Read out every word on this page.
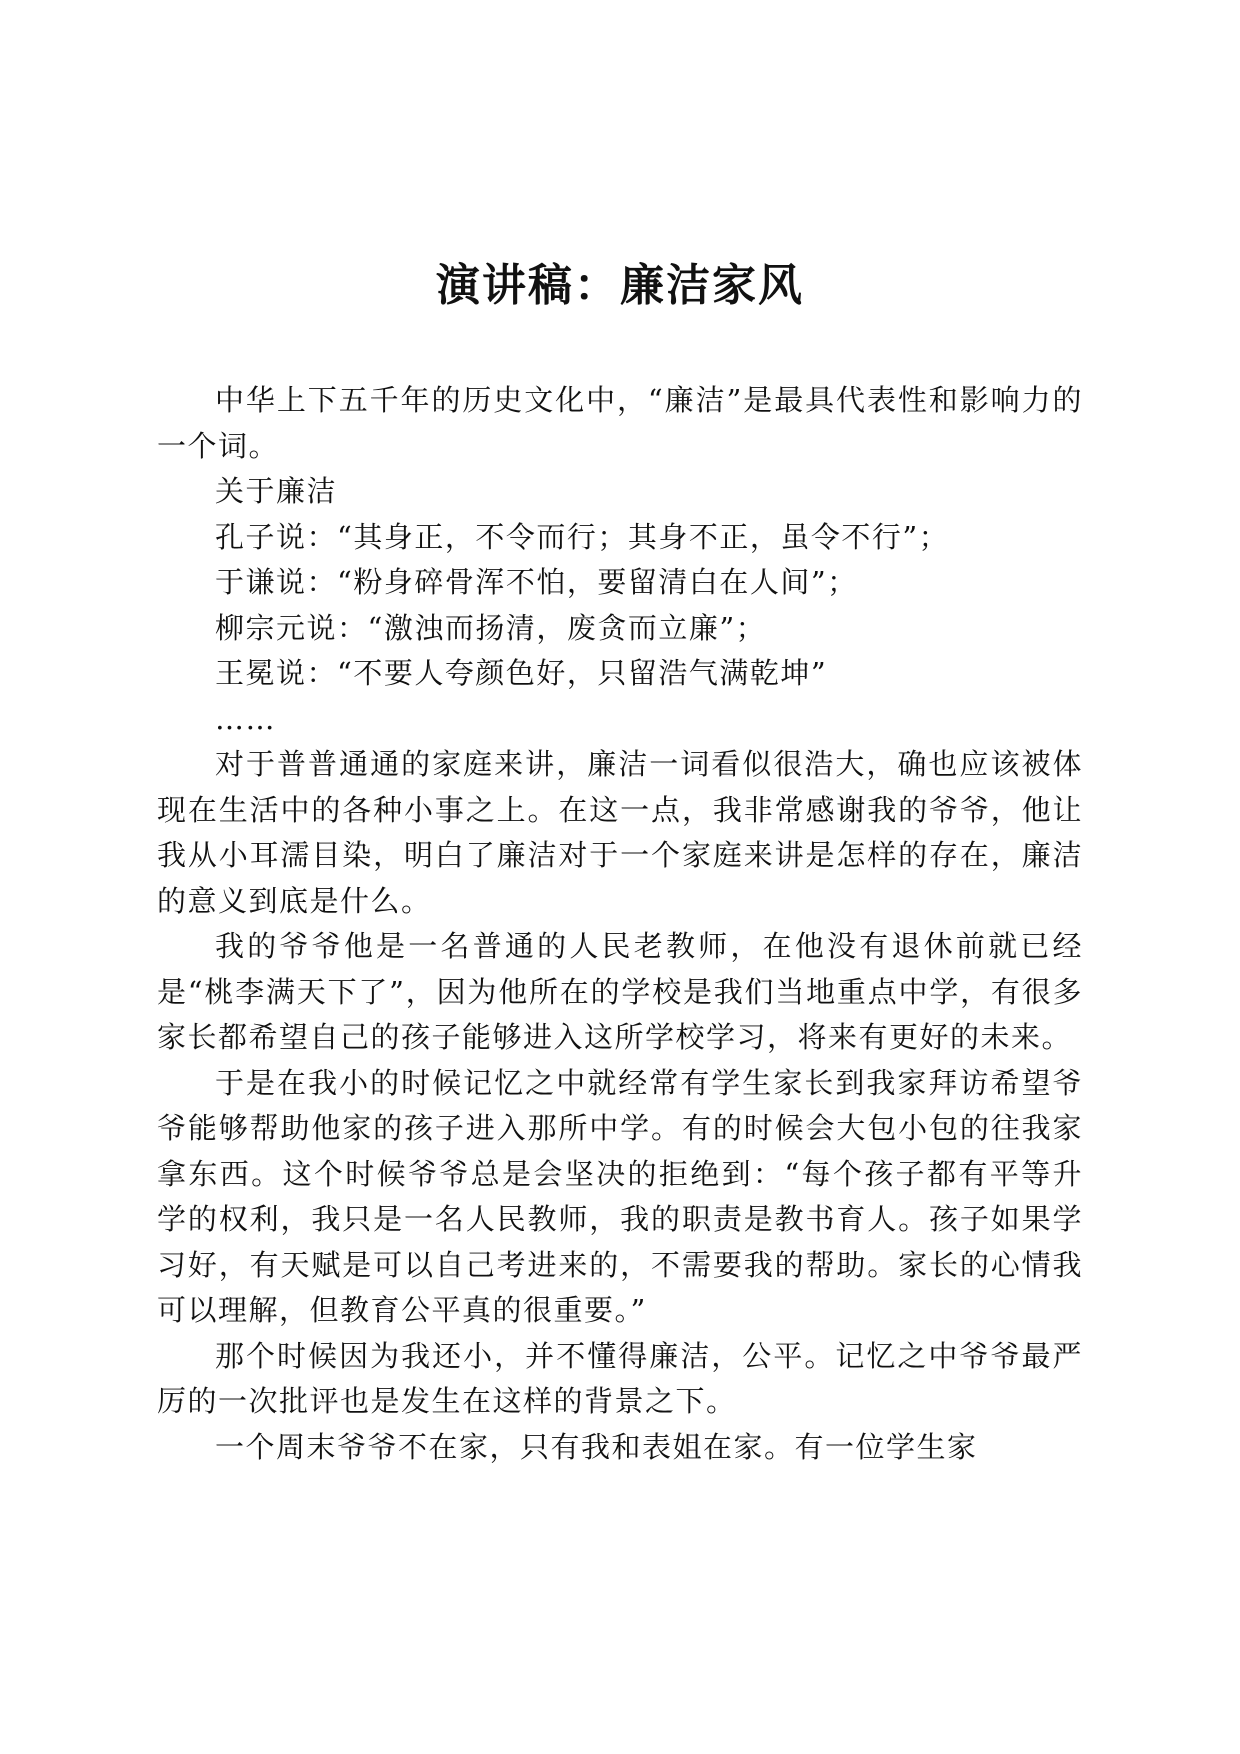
演讲稿：廉洁家风

中华上下五千年的历史文化中，“廉洁”是最具代表性和影响力的一个词。

关于廉洁

孔子说：“其身正，不令而行；其身不正，虽令不行”；

于谦说：“粉身碎骨浑不怕，要留清白在人间”；

柳宗元说：“激浊而扬清，废贪而立廉”；

王冕说：“不要人夸颜色好，只留浩气满乾坤”

……

对于普普通通的家庭来讲，廉洁一词看似很浩大，确也应该被体现在生活中的各种小事之上。在这一点，我非常感谢我的爷爷，他让我从小耳濡目染，明白了廉洁对于一个家庭来讲是怎样的存在，廉洁的意义到底是什么。

我的爷爷他是一名普通的人民老教师，在他没有退休前就已经是“桃李满天下了”，因为他所在的学校是我们当地重点中学，有很多家长都希望自己的孩子能够进入这所学校学习，将来有更好的未来。

于是在我小的时候记忆之中就经常有学生家长到我家拜访希望爷爷能够帮助他家的孩子进入那所中学。有的时候会大包小包的往我家拿东西。这个时候爷爷总是会坚决的拒绝到：“每个孩子都有平等升学的权利，我只是一名人民教师，我的职责是教书育人。孩子如果学习好，有天赋是可以自己考进来的，不需要我的帮助。家长的心情我可以理解，但教育公平真的很重要。”

那个时候因为我还小，并不懂得廉洁，公平。记忆之中爷爷最严厉的一次批评也是发生在这样的背景之下。

一个周末爷爷不在家，只有我和表姐在家。有一位学生家
